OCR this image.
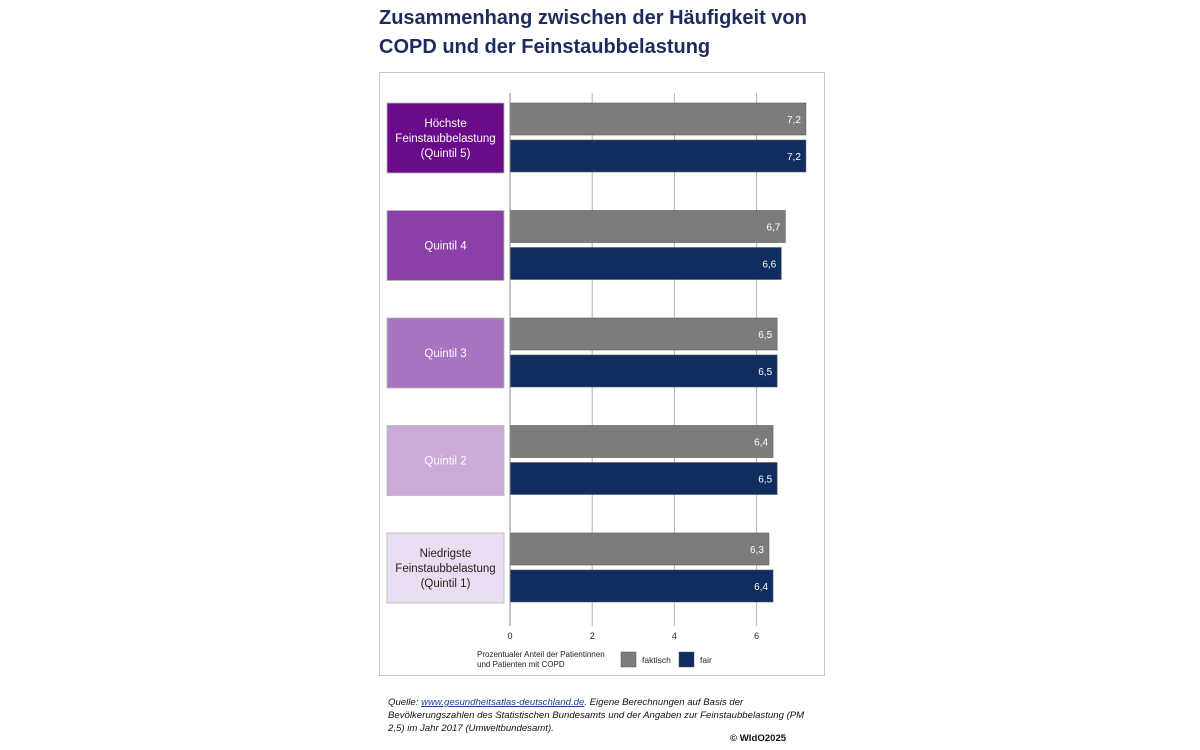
Zusammenhang zwischen der Häufigkeit von
COPD und der Feinstaubbelastung
Höchste
Feinstaubbelastung
(Quintil 5)
7,2
7,2
Quintil 4
6,7
6,6
Quintil 3
6,5
6,5
Quintil 2
6,4
6,5
Niedrigste
Feinstaubbelastung
(Quintil 1)
6,3
6,4
0	2	4	6
Prozentualer Anteil der Patientinnen
und Patienten mit COPD	faktisch	fair
Quelle: www.gesundheitsatlas-deutschland.de. Eigene Berechnungen auf Basis der Bevölkerungszahlen des Statistischen Bundesamts und der Angaben zur Feinstaubbelastung (PM 2,5) im Jahr 2017 (Umweltbundesamt).
© WIdO2025
